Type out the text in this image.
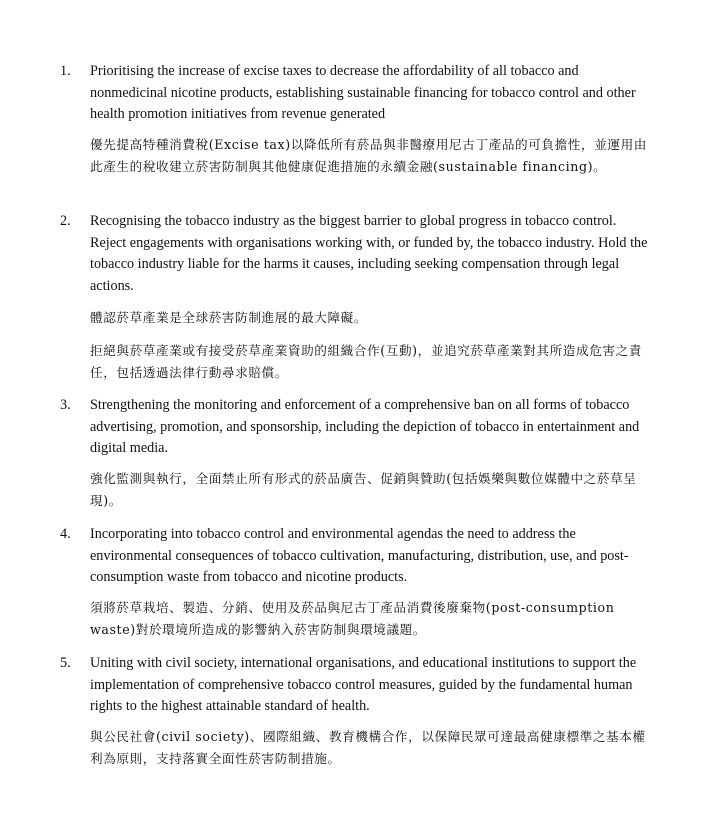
1. Prioritising the increase of excise taxes to decrease the affordability of all tobacco and nonmedicinal nicotine products, establishing sustainable financing for tobacco control and other health promotion initiatives from revenue generated

優先提高特種消費稅(Excise tax)以降低所有菸品與非醫療用尼古丁產品的可負擔性，並運用由此產生的稅收建立菸害防制與其他健康促進措施的永續金融(sustainable financing)。

2. Recognising the tobacco industry as the biggest barrier to global progress in tobacco control. Reject engagements with organisations working with, or funded by, the tobacco industry. Hold the tobacco industry liable for the harms it causes, including seeking compensation through legal actions.

體認菸草產業是全球菸害防制進展的最大障礙。

拒絕與菸草產業或有接受菸草產業資助的組織合作(互動)，並追究菸草產業對其所造成危害之責任，包括透過法律行動尋求賠償。

3. Strengthening the monitoring and enforcement of a comprehensive ban on all forms of tobacco advertising, promotion, and sponsorship, including the depiction of tobacco in entertainment and digital media.

強化監測與執行，全面禁止所有形式的菸品廣告、促銷與贊助(包括娛樂與數位媒體中之菸草呈現)。

4. Incorporating into tobacco control and environmental agendas the need to address the environmental consequences of tobacco cultivation, manufacturing, distribution, use, and post-consumption waste from tobacco and nicotine products.

須將菸草栽培、製造、分銷、使用及菸品與尼古丁產品消費後廢棄物(post-consumption waste)對於環境所造成的影響納入菸害防制與環境議題。

5. Uniting with civil society, international organisations, and educational institutions to support the implementation of comprehensive tobacco control measures, guided by the fundamental human rights to the highest attainable standard of health.

與公民社會(civil society)、國際組織、教育機構合作，以保障民眾可達最高健康標準之基本權利為原則，支持落實全面性菸害防制措施。
